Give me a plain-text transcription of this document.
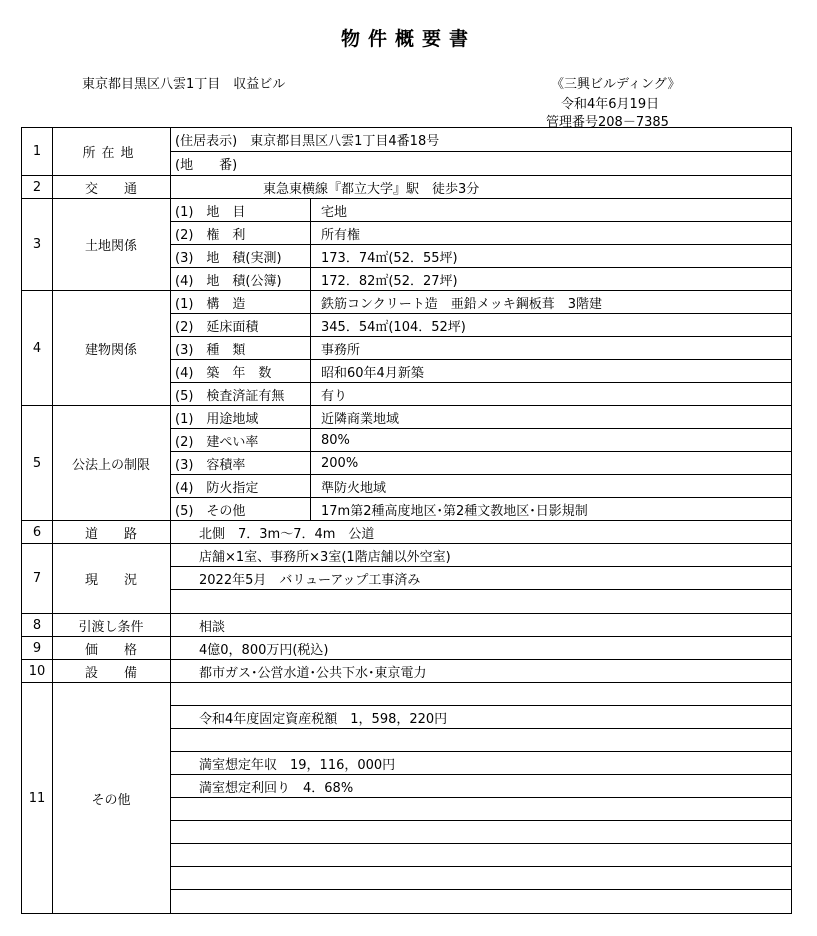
物件概要書
東京都目黒区八雲1丁目　収益ビル	《三興ビルディング》
令和4年6月19日
管理番号208－7385
1	所在地
(住居表示)　東京都目黒区八雲1丁目4番18号
(地　　番)
2	交　　通	東急東横線『都立大学』駅　徒歩3分
3	土地関係
(1)　地　目	宅地
(2)　権　利	所有権
(3)　地　積(実測)	173．74㎡(52．55坪)
(4)　地　積(公簿)	172．82㎡(52．27坪)
4	建物関係
(1)　構　造	鉄筋コンクリート造　亜鉛メッキ鋼板葺　3階建
(2)　延床面積	345．54㎡(104．52坪)
(3)　種　類	事務所
(4)　築　年　数	昭和60年4月新築
(5)　検査済証有無	有り
5	公法上の制限
(1)　用途地域	近隣商業地域
(2)　建ぺい率	80%
(3)　容積率	200%
(4)　防火指定	準防火地域
(5)　その他	17m第2種高度地区･第2種文教地区･日影規制
6	道　　路	北側　7．3m～7．4m　公道
7	現　　況
店舗×1室、事務所×3室(1階店舗以外空室)
2022年5月　バリューアップ工事済み
8	引渡し条件	相談
9	価　　格	4億0，800万円(税込)
10	設　　備	都市ガス･公営水道･公共下水･東京電力
11	その他
令和4年度固定資産税額　1，598，220円
満室想定年収　19，116，000円
満室想定利回り　4．68%
